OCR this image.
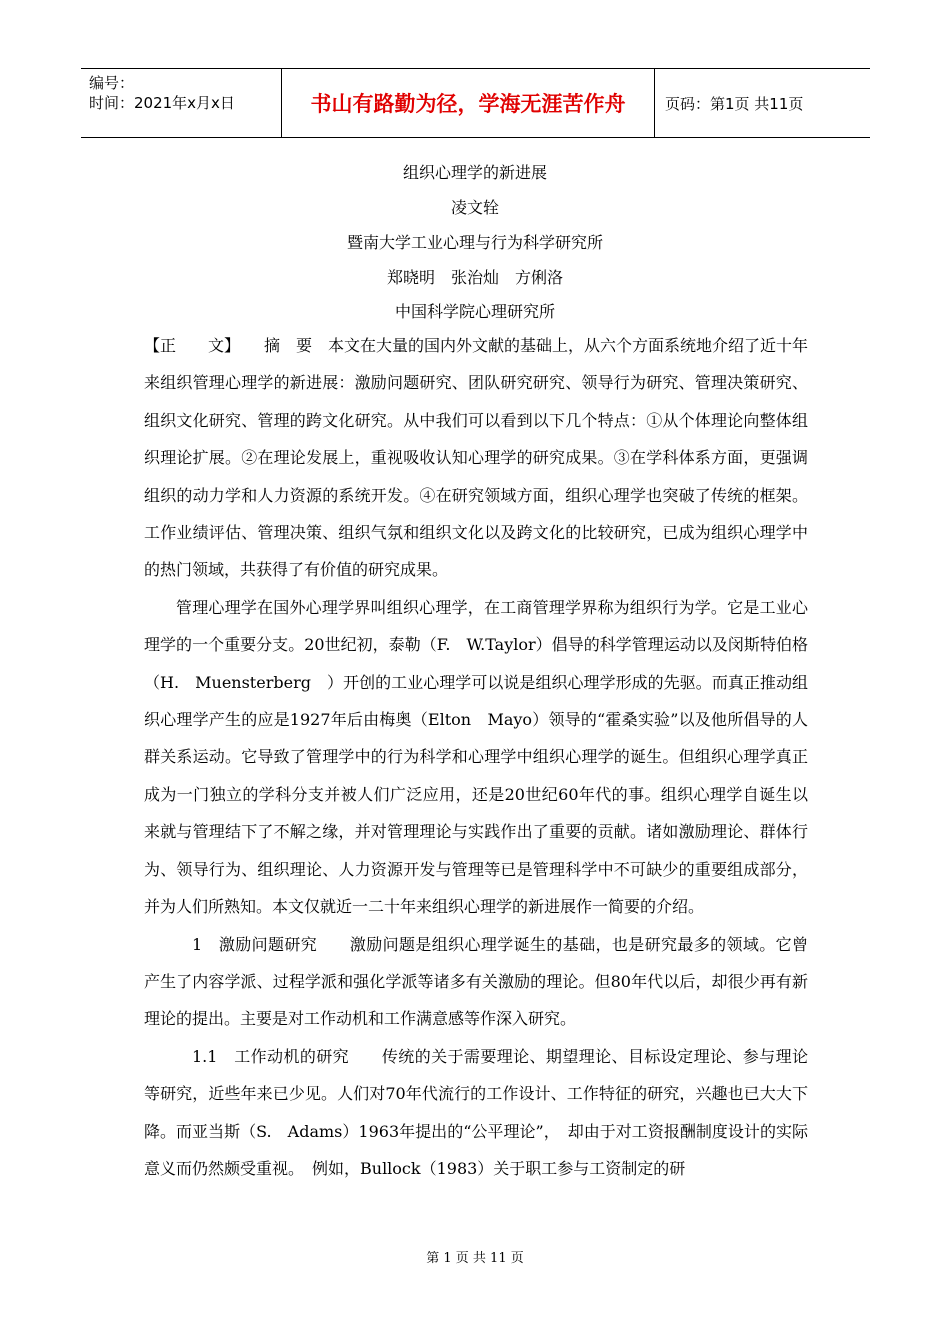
编号：
时间：2021年x月x日	书山有路勤为径，学海无涯苦作舟	页码：第1页 共11页
组织心理学的新进展
凌文辁
暨南大学工业心理与行为科学研究所
郑晓明　张治灿　方俐洛
中国科学院心理研究所

【正　　文】　　摘　要　本文在大量的国内外文献的基础上，从六个方面系统地介绍了近十年来组织管理心理学的新进展：激励问题研究、团队研究研究、领导行为研究、管理决策研究、组织文化研究、管理的跨文化研究。从中我们可以看到以下几个特点：①从个体理论向整体组织理论扩展。②在理论发展上，重视吸收认知心理学的研究成果。③在学科体系方面，更强调组织的动力学和人力资源的系统开发。④在研究领域方面，组织心理学也突破了传统的框架。工作业绩评估、管理决策、组织气氛和组织文化以及跨文化的比较研究，已成为组织心理学中的热门领域，共获得了有价值的研究成果。

管理心理学在国外心理学界叫组织心理学，在工商管理学界称为组织行为学。它是工业心理学的一个重要分支。20世纪初，泰勒（F.　W.Taylor）倡导的科学管理运动以及闵斯特伯格（H.　Muensterberg　）开创的工业心理学可以说是组织心理学形成的先驱。而真正推动组织心理学产生的应是1927年后由梅奥（Elton　Mayo）领导的“霍桑实验”以及他所倡导的人群关系运动。它导致了管理学中的行为科学和心理学中组织心理学的诞生。但组织心理学真正成为一门独立的学科分支并被人们广泛应用，还是20世纪60年代的事。组织心理学自诞生以来就与管理结下了不解之缘，并对管理理论与实践作出了重要的贡献。诸如激励理论、群体行为、领导行为、组织理论、人力资源开发与管理等已是管理科学中不可缺少的重要组成部分，并为人们所熟知。本文仅就近一二十年来组织心理学的新进展作一简要的介绍。

1　激励问题研究　　激励问题是组织心理学诞生的基础，也是研究最多的领域。它曾产生了内容学派、过程学派和强化学派等诸多有关激励的理论。但80年代以后，却很少再有新理论的提出。主要是对工作动机和工作满意感等作深入研究。

1.1　工作动机的研究　　传统的关于需要理论、期望理论、目标设定理论、参与理论等研究，近些年来已少见。人们对70年代流行的工作设计、工作特征的研究，兴趣也已大大下降。而亚当斯（S.　Adams）1963年提出的“公平理论”，　却由于对工资报酬制度设计的实际意义而仍然颇受重视。　例如，Bullock（1983）关于职工参与工资制定的研

第 1 页 共 11 页
